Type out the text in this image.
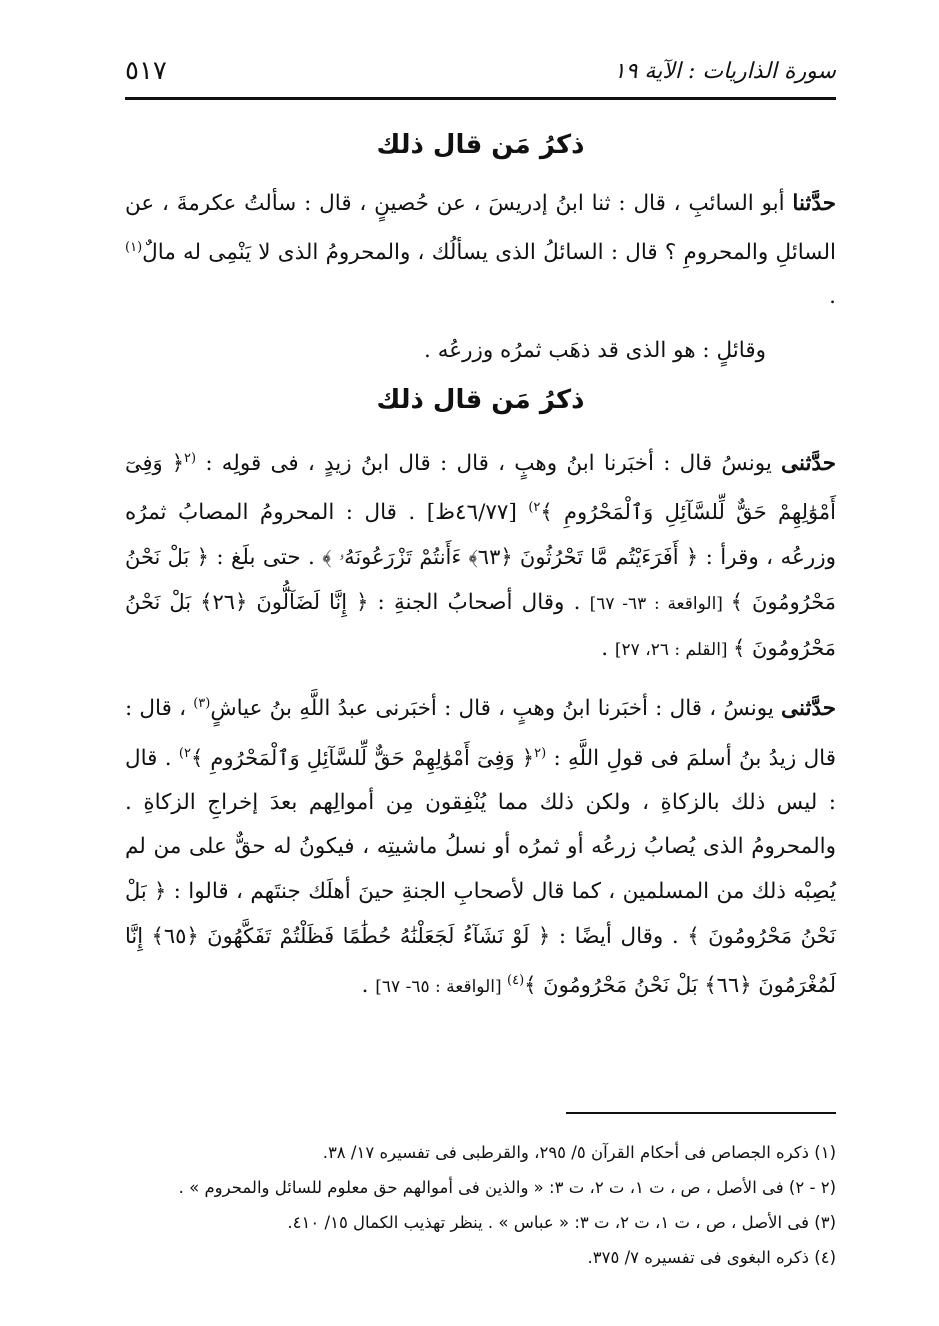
٥١٧	سورة الذاريات : الآية ١٩
ذكرُ مَن قال ذلك

حدَّثنا أبو السائبِ ، قال : ثنا ابنُ إدريسَ ، عن حُصينٍ ، قال : سألتُ عكرمةَ ، عن السائلِ والمحرومِ ؟ قال : السائلُ الذى يسألُك ، والمحرومُ الذى لا يَنْمِى له مالٌ$^{(١)}$ .

وقائلٍ : هو الذى قد ذهَب ثمرُه وزرعُه .

ذكرُ مَن قال ذلك

حدَّثنى يونسُ قال : أخبَرنا ابنُ وهبٍ ، قال : قال ابنُ زيدٍ ، فى قولِه : $^{(٢}$﴿ وَفِىٓ أَمْوَٰلِهِمْ حَقٌّ لِّلسَّآئِلِ وَٱلْمَحْرُومِ ﴾$^{٢)}$ [٤٦/٧٧ظ] . قال : المحرومُ المصابُ ثمرُه وزرعُه ، وقرأ : ﴿ أَفَرَءَيْتُم مَّا تَحْرُثُونَ ﴿٦٣﴾ ءَأَنتُمْ تَزْرَعُونَهُۥ ﴾ . حتى بلَغ : ﴿ بَلْ نَحْنُ مَحْرُومُونَ ﴾ [الواقعة : ٦٣- ٦٧] . وقال أصحابُ الجنةِ : ﴿ إِنَّا لَضَآلُّونَ ﴿٢٦﴾ بَلْ نَحْنُ مَحْرُومُونَ ﴾ [القلم : ٢٦، ٢٧] .

حدَّثنى يونسُ ، قال : أخبَرنا ابنُ وهبٍ ، قال : أخبَرنى عبدُ اللَّهِ بنُ عياشٍ$^{(٣)}$ ، قال : قال زيدُ بنُ أسلمَ فى قولِ اللَّهِ : $^{(٢}$﴿ وَفِىٓ أَمْوَٰلِهِمْ حَقٌّ لِّلسَّآئِلِ وَٱلْمَحْرُومِ ﴾$^{٢)}$ . قال : ليس ذلك بالزكاةِ ، ولكن ذلك مما يُنْفِقون مِن أموالِهم بعدَ إخراجِ الزكاةِ . والمحرومُ الذى يُصابُ زرعُه أو ثمرُه أو نسلُ ماشيتِه ، فيكونُ له حقٌّ على من لم يُصِبْه ذلك من المسلمين ، كما قال لأصحابِ الجنةِ حينَ أهلَك جنتَهم ، قالوا : ﴿ بَلْ نَحْنُ مَحْرُومُونَ ﴾ . وقال أيضًا : ﴿ لَوْ نَشَآءُ لَجَعَلْنَٰهُ حُطَٰمًا فَظَلْتُمْ تَفَكَّهُونَ ﴿٦٥﴾ إِنَّا لَمُغْرَمُونَ ﴿٦٦﴾ بَلْ نَحْنُ مَحْرُومُونَ ﴾$^{(٤)}$ [الواقعة : ٦٥- ٦٧] .

(١) ذكره الجصاص فى أحكام القرآن ٥/ ٢٩٥، والقرطبى فى تفسيره ١٧/ ٣٨.
(٢ - ٢) فى الأصل ، ص ، ت ١، ت ٢، ت ٣: « والذين فى أموالهم حق معلوم للسائل والمحروم » .
(٣) فى الأصل ، ص ، ت ١، ت ٢، ت ٣: « عباس » . ينظر تهذيب الكمال ١٥/ ٤١٠.
(٤) ذكره البغوى فى تفسيره ٧/ ٣٧٥.
